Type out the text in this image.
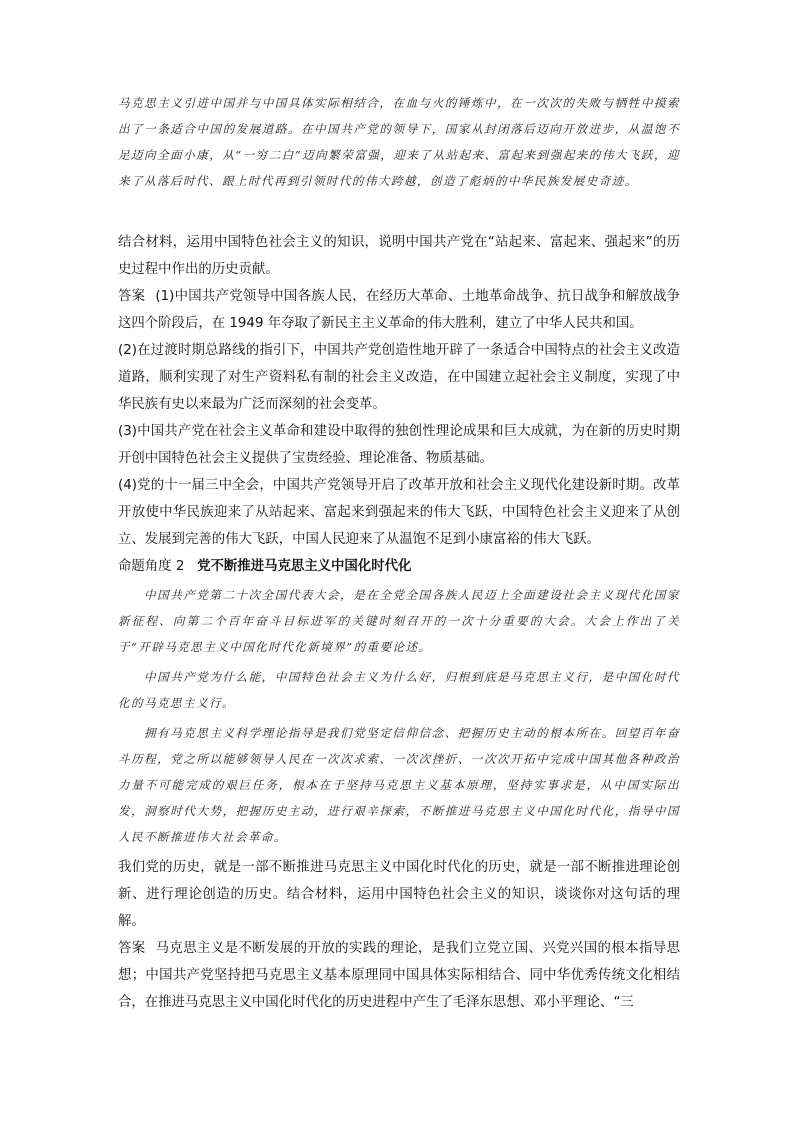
马克思主义引进中国并与中国具体实际相结合，在血与火的锤炼中，在一次次的失败与牺牲中摸索出了一条适合中国的发展道路。在中国共产党的领导下，国家从封闭落后迈向开放进步，从温饱不足迈向全面小康，从“一穷二白”迈向繁荣富强，迎来了从站起来、富起来到强起来的伟大飞跃，迎来了从落后时代、跟上时代再到引领时代的伟大跨越，创造了彪炳的中华民族发展史奇迹。

结合材料，运用中国特色社会主义的知识，说明中国共产党在“站起来、富起来、强起来”的历史过程中作出的历史贡献。

答案 (1)中国共产党领导中国各族人民，在经历大革命、土地革命战争、抗日战争和解放战争这四个阶段后，在 1949 年夺取了新民主主义革命的伟大胜利，建立了中华人民共和国。

(2)在过渡时期总路线的指引下，中国共产党创造性地开辟了一条适合中国特点的社会主义改造道路，顺利实现了对生产资料私有制的社会主义改造，在中国建立起社会主义制度，实现了中华民族有史以来最为广泛而深刻的社会变革。

(3)中国共产党在社会主义革命和建设中取得的独创性理论成果和巨大成就，为在新的历史时期开创中国特色社会主义提供了宝贵经验、理论准备、物质基础。

(4)党的十一届三中全会，中国共产党领导开启了改革开放和社会主义现代化建设新时期。改革开放使中华民族迎来了从站起来、富起来到强起来的伟大飞跃，中国特色社会主义迎来了从创立、发展到完善的伟大飞跃，中国人民迎来了从温饱不足到小康富裕的伟大飞跃。

命题角度 2 党不断推进马克思主义中国化时代化

中国共产党第二十次全国代表大会，是在全党全国各族人民迈上全面建设社会主义现代化国家新征程、向第二个百年奋斗目标进军的关键时刻召开的一次十分重要的大会。大会上作出了关于“开辟马克思主义中国化时代化新境界”的重要论述。

中国共产党为什么能，中国特色社会主义为什么好，归根到底是马克思主义行，是中国化时代化的马克思主义行。

拥有马克思主义科学理论指导是我们党坚定信仰信念、把握历史主动的根本所在。回望百年奋斗历程，党之所以能够领导人民在一次次求索、一次次挫折、一次次开拓中完成中国其他各种政治力量不可能完成的艰巨任务，根本在于坚持马克思主义基本原理，坚持实事求是，从中国实际出发，洞察时代大势，把握历史主动，进行艰辛探索，不断推进马克思主义中国化时代化，指导中国人民不断推进伟大社会革命。

我们党的历史，就是一部不断推进马克思主义中国化时代化的历史，就是一部不断推进理论创新、进行理论创造的历史。结合材料，运用中国特色社会主义的知识，谈谈你对这句话的理解。

答案 马克思主义是不断发展的开放的实践的理论，是我们立党立国、兴党兴国的根本指导思想；中国共产党坚持把马克思主义基本原理同中国具体实际相结合、同中华优秀传统文化相结合，在推进马克思主义中国化时代化的历史进程中产生了毛泽东思想、邓小平理论、“三
